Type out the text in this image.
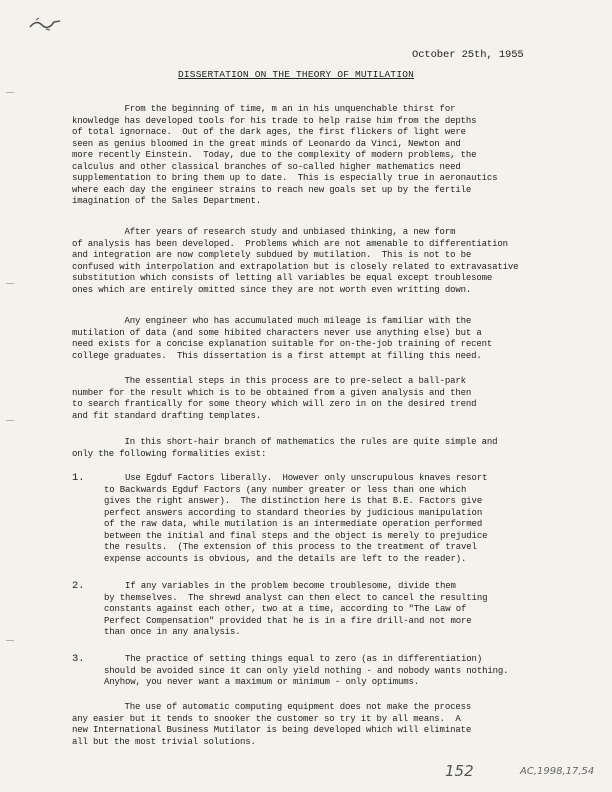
October 25th, 1955
DISSERTATION ON THE THEORY OF MUTILATION
From the beginning of time, m an in his unquenchable thirst for
knowledge has developed tools for his trade to help raise him from the depths
of total ignornace.  Out of the dark ages, the first flickers of light were
seen as genius bloomed in the great minds of Leonardo da Vinci, Newton and
more recently Einstein.  Today, due to the complexity of modern problems, the
calculus and other classical branches of so-called higher mathematics need
supplementation to bring them up to date.  This is especially true in aeronautics
where each day the engineer strains to reach new goals set up by the fertile
imagination of the Sales Department.
After years of research study and unbiased thinking, a new form
of analysis has been developed.  Problems which are not amenable to differentiation
and integration are now completely subdued by mutilation.  This is not to be
confused with interpolation and extrapolation but is closely related to extravasative
substitution which consists of letting all variables be equal except troublesome
ones which are entirely omitted since they are not worth even writting down.
Any engineer who has accumulated much mileage is familiar with the
mutilation of data (and some hibited characters never use anything else) but a
need exists for a concise explanation suitable for on-the-job training of recent
college graduates.  This dissertation is a first attempt at filling this need.
The essential steps in this process are to pre-select a ball-park
number for the result which is to be obtained from a given analysis and then
to search frantically for some theory which will zero in on the desired trend
and fit standard drafting templates.
In this short-hair branch of mathematics the rules are quite simple and
only the following formalities exist:
1. Use Egduf Factors liberally.  However only unscrupulous knaves resort
to Backwards Egduf Factors (any number greater or less than one which
gives the right answer).  The distinction here is that B.E. Factors give
perfect answers according to standard theories by judicious manipulation
of the raw data, while mutilation is an intermediate operation performed
between the initial and final steps and the object is merely to prejudice
the results.  (The extension of this process to the treatment of travel
expense accounts is obvious, and the details are left to the reader).
2. If any variables in the problem become troublesome, divide them
by themselves.  The shrewd analyst can then elect to cancel the resulting
constants against each other, two at a time, according to "The Law of
Perfect Compensation" provided that he is in a fire drill-and not more
than once in any analysis.
3. The practice of setting things equal to zero (as in differentiation)
should be avoided since it can only yield nothing - and nobody wants nothing.
Anyhow, you never want a maximum or minimum - only optimums.
The use of automatic computing equipment does not make the process
any easier but it tends to snooker the customer so try it by all means.  A
new International Business Mutilator is being developed which will eliminate
all but the most trivial solutions.
152	AC,1998,17,54
